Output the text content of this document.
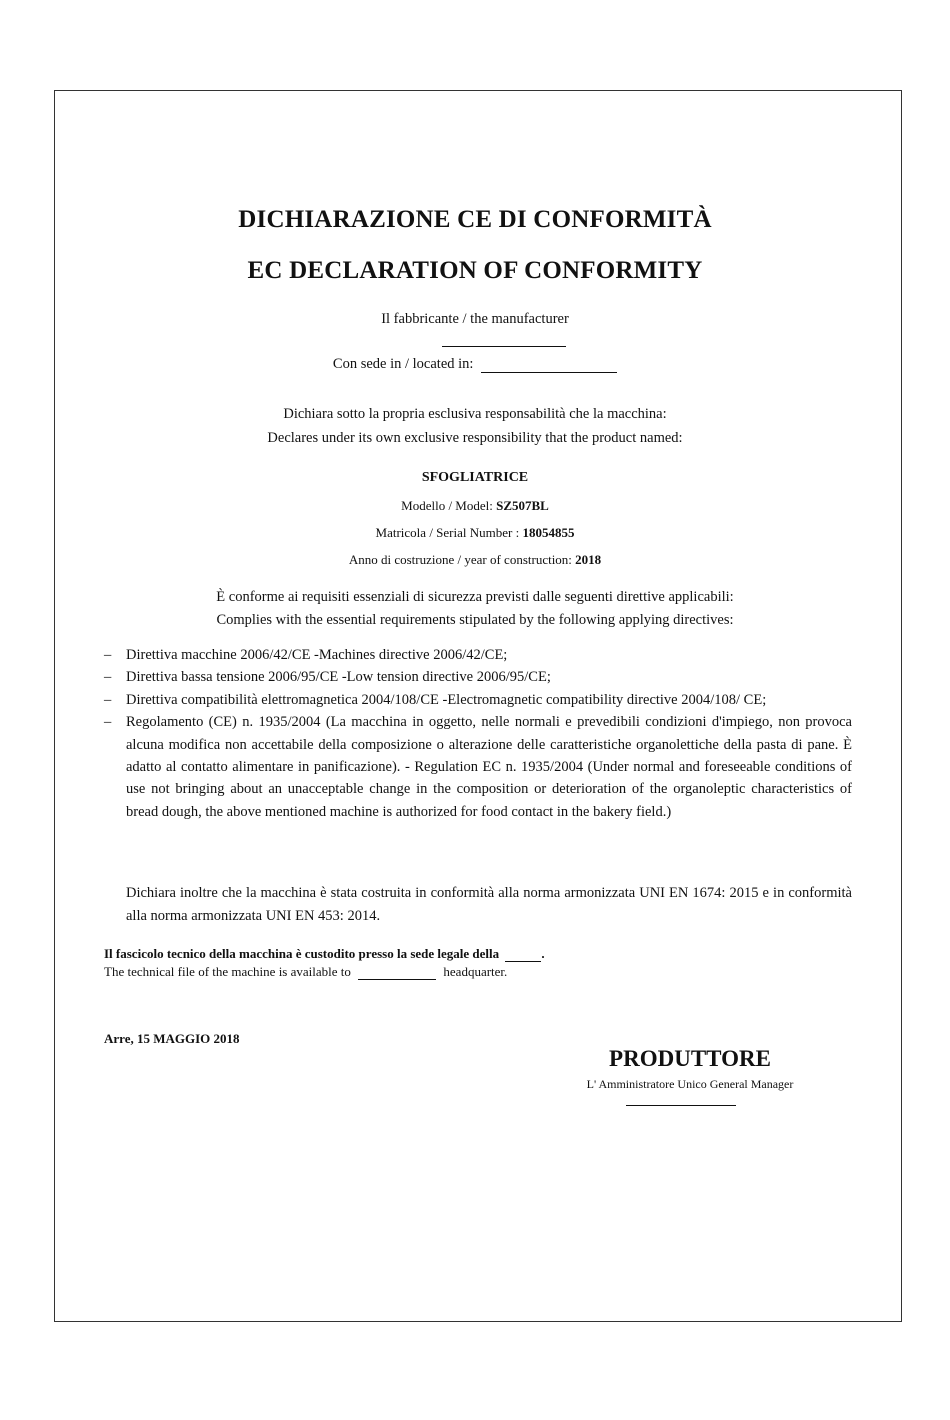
DICHIARAZIONE CE DI CONFORMITÀ
EC DECLARATION OF CONFORMITY
Il fabbricante / the manufacturer
Con sede in / located in:
Dichiara sotto la propria esclusiva responsabilità che la macchina:
Declares under its own exclusive responsibility that the product named:
SFOGLIATRICE
Modello / Model: SZ507BL
Matricola / Serial Number : 18054855
Anno di costruzione / year of construction: 2018
È conforme ai requisiti essenziali di sicurezza previsti dalle seguenti direttive applicabili:
Complies with the essential requirements stipulated by the following applying directives:
– Direttiva macchine 2006/42/CE -Machines directive 2006/42/CE;
– Direttiva bassa tensione 2006/95/CE -Low tension directive 2006/95/CE;
– Direttiva compatibilità elettromagnetica 2004/108/CE -Electromagnetic compatibility directive 2004/108/ CE;
– Regolamento (CE) n. 1935/2004 (La macchina in oggetto, nelle normali e prevedibili condizioni d'impiego, non provoca alcuna modifica non accettabile della composizione o alterazione delle caratteristiche organolettiche della pasta di pane. È adatto al contatto alimentare in panificazione). - Regulation EC n. 1935/2004 (Under normal and foreseeable conditions of use not bringing about an unacceptable change in the composition or deterioration of the organoleptic characteristics of bread dough, the above mentioned machine is authorized for food contact in the bakery field.)
Dichiara inoltre che la macchina è stata costruita in conformità alla norma armonizzata UNI EN 1674: 2015 e in conformità alla norma armonizzata UNI EN 453: 2014.
Il fascicolo tecnico della macchina è custodito presso la sede legale della	.
The technical file of the machine is available to	headquarter.
Arre, 15 MAGGIO 2018
PRODUTTORE
L' Amministratore Unico General Manager
